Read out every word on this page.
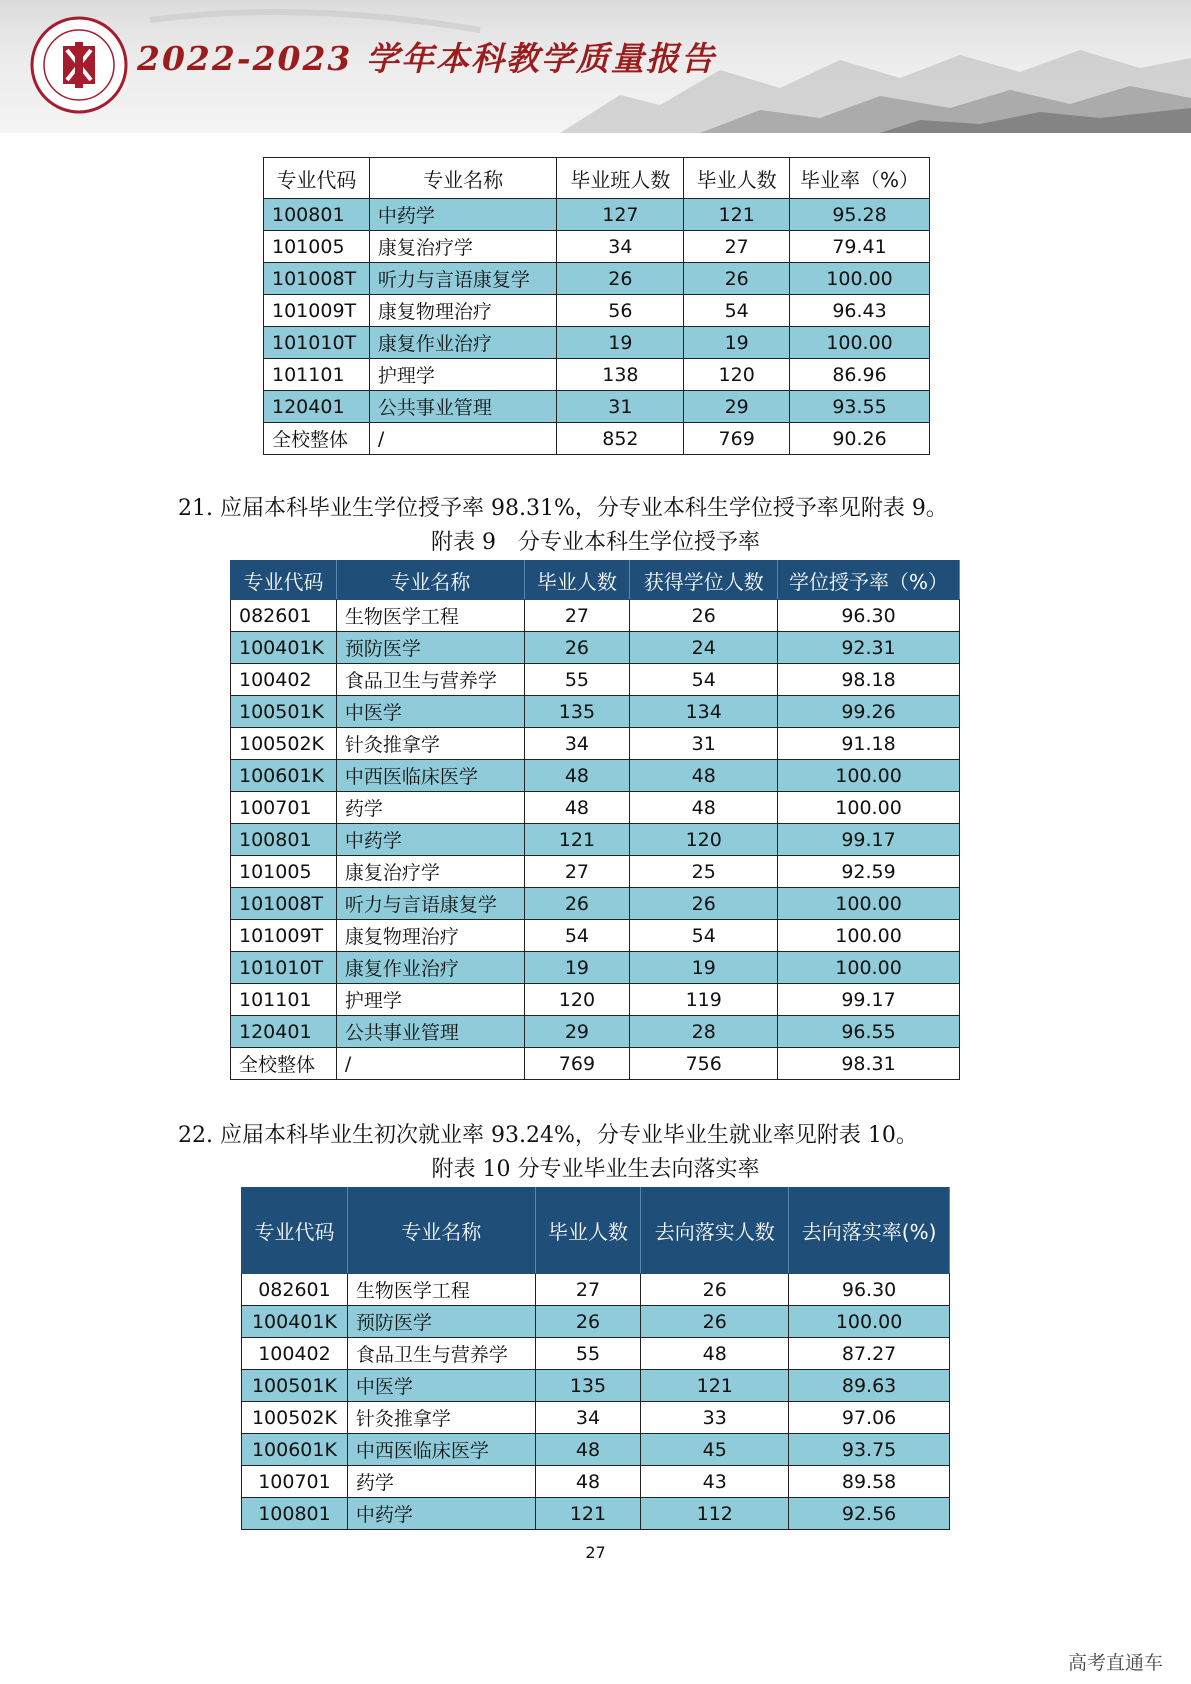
2022-2023 学年本科教学质量报告
专业代码	专业名称	毕业班人数	毕业人数	毕业率（%）
100801	中药学	127	121	95.28
101005	康复治疗学	34	27	79.41
101008T	听力与言语康复学	26	26	100.00
101009T	康复物理治疗	56	54	96.43
101010T	康复作业治疗	19	19	100.00
101101	护理学	138	120	86.96
120401	公共事业管理	31	29	93.55
全校整体	/	852	769	90.26
21. 应届本科毕业生学位授予率 98.31%，分专业本科生学位授予率见附表 9。
附表 9　分专业本科生学位授予率
专业代码	专业名称	毕业人数	获得学位人数	学位授予率（%）
082601	生物医学工程	27	26	96.30
100401K	预防医学	26	24	92.31
100402	食品卫生与营养学	55	54	98.18
100501K	中医学	135	134	99.26
100502K	针灸推拿学	34	31	91.18
100601K	中西医临床医学	48	48	100.00
100701	药学	48	48	100.00
100801	中药学	121	120	99.17
101005	康复治疗学	27	25	92.59
101008T	听力与言语康复学	26	26	100.00
101009T	康复物理治疗	54	54	100.00
101010T	康复作业治疗	19	19	100.00
101101	护理学	120	119	99.17
120401	公共事业管理	29	28	96.55
全校整体	/	769	756	98.31
22. 应届本科毕业生初次就业率 93.24%，分专业毕业生就业率见附表 10。
附表 10 分专业毕业生去向落实率
专业代码	专业名称	毕业人数	去向落实人数	去向落实率(%)
082601	生物医学工程	27	26	96.30
100401K	预防医学	26	26	100.00
100402	食品卫生与营养学	55	48	87.27
100501K	中医学	135	121	89.63
100502K	针灸推拿学	34	33	97.06
100601K	中西医临床医学	48	45	93.75
100701	药学	48	43	89.58
100801	中药学	121	112	92.56
27
高考直通车
